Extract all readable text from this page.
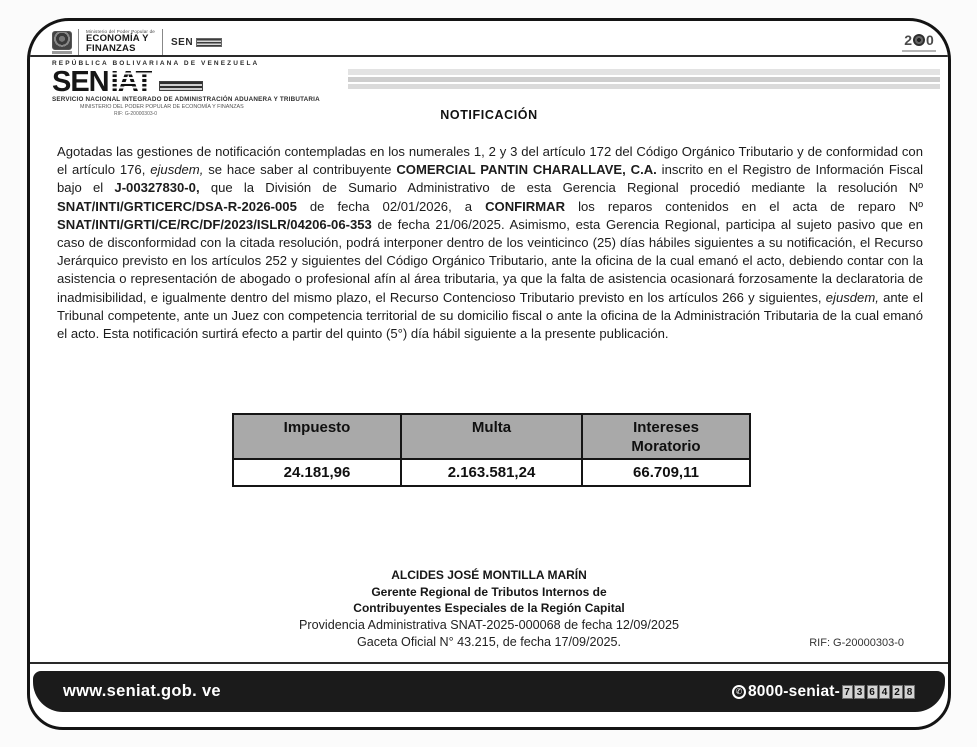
Ministerio del Poder Popular de
ECONOMÍA Y
FINANZAS
SEN	2 0
REPÚBLICA BOLIVARIANA DE VENEZUELA
SEN IAT
SERVICIO NACIONAL INTEGRADO DE ADMINISTRACIÓN ADUANERA Y TRIBUTARIA
MINISTERIO DEL PODER POPULAR DE ECONOMÍA Y FINANZAS
RIF: G-20000303-0	NOTIFICACIÓN

Agotadas las gestiones de notificación contempladas en los numerales 1, 2 y 3 del artículo 172 del Código Orgánico Tributario y de conformidad con el artículo 176, ejusdem, se hace saber al contribuyente COMERCIAL PANTIN CHARALLAVE, C.A. inscrito en el Registro de Información Fiscal bajo el J-00327830-0, que la División de Sumario Administrativo de esta Gerencia Regional procedió mediante la resolución Nº SNAT/INTI/GRTICERC/DSA-R-2026-005 de fecha 02/01/2026, a CONFIRMAR los reparos contenidos en el acta de reparo Nº SNAT/INTI/GRTI/CE/RC/DF/2023/ISLR/04206-06-353 de fecha 21/06/2025. Asimismo, esta Gerencia Regional, participa al sujeto pasivo que en caso de disconformidad con la citada resolución, podrá interponer dentro de los veinticinco (25) días hábiles siguientes a su notificación, el Recurso Jerárquico previsto en los artículos 252 y siguientes del Código Orgánico Tributario, ante la oficina de la cual emanó el acto, debiendo contar con la asistencia o representación de abogado o profesional afín al área tributaria, ya que la falta de asistencia ocasionará forzosamente la declaratoria de inadmisibilidad, e igualmente dentro del mismo plazo, el Recurso Contencioso Tributario previsto en los artículos 266 y siguientes, ejusdem, ante el Tribunal competente, ante un Juez con competencia territorial de su domicilio fiscal o ante la oficina de la Administración Tributaria de la cual emanó el acto. Esta notificación surtirá efecto a partir del quinto (5°) día hábil siguiente a la presente publicación.

Impuesto	Multa	Intereses Moratorio
24.181,96	2.163.581,24	66.709,11
ALCIDES JOSÉ MONTILLA MARÍN
Gerente Regional de Tributos Internos de
Contribuyentes Especiales de la Región Capital
Providencia Administrativa SNAT-2025-000068 de fecha 12/09/2025
Gaceta Oficial N° 43.215, de fecha 17/09/2025.	RIF: G-20000303-0
www.seniat.gob. ve	✆ 8000-seniat- 7 3 6 4 2 8
